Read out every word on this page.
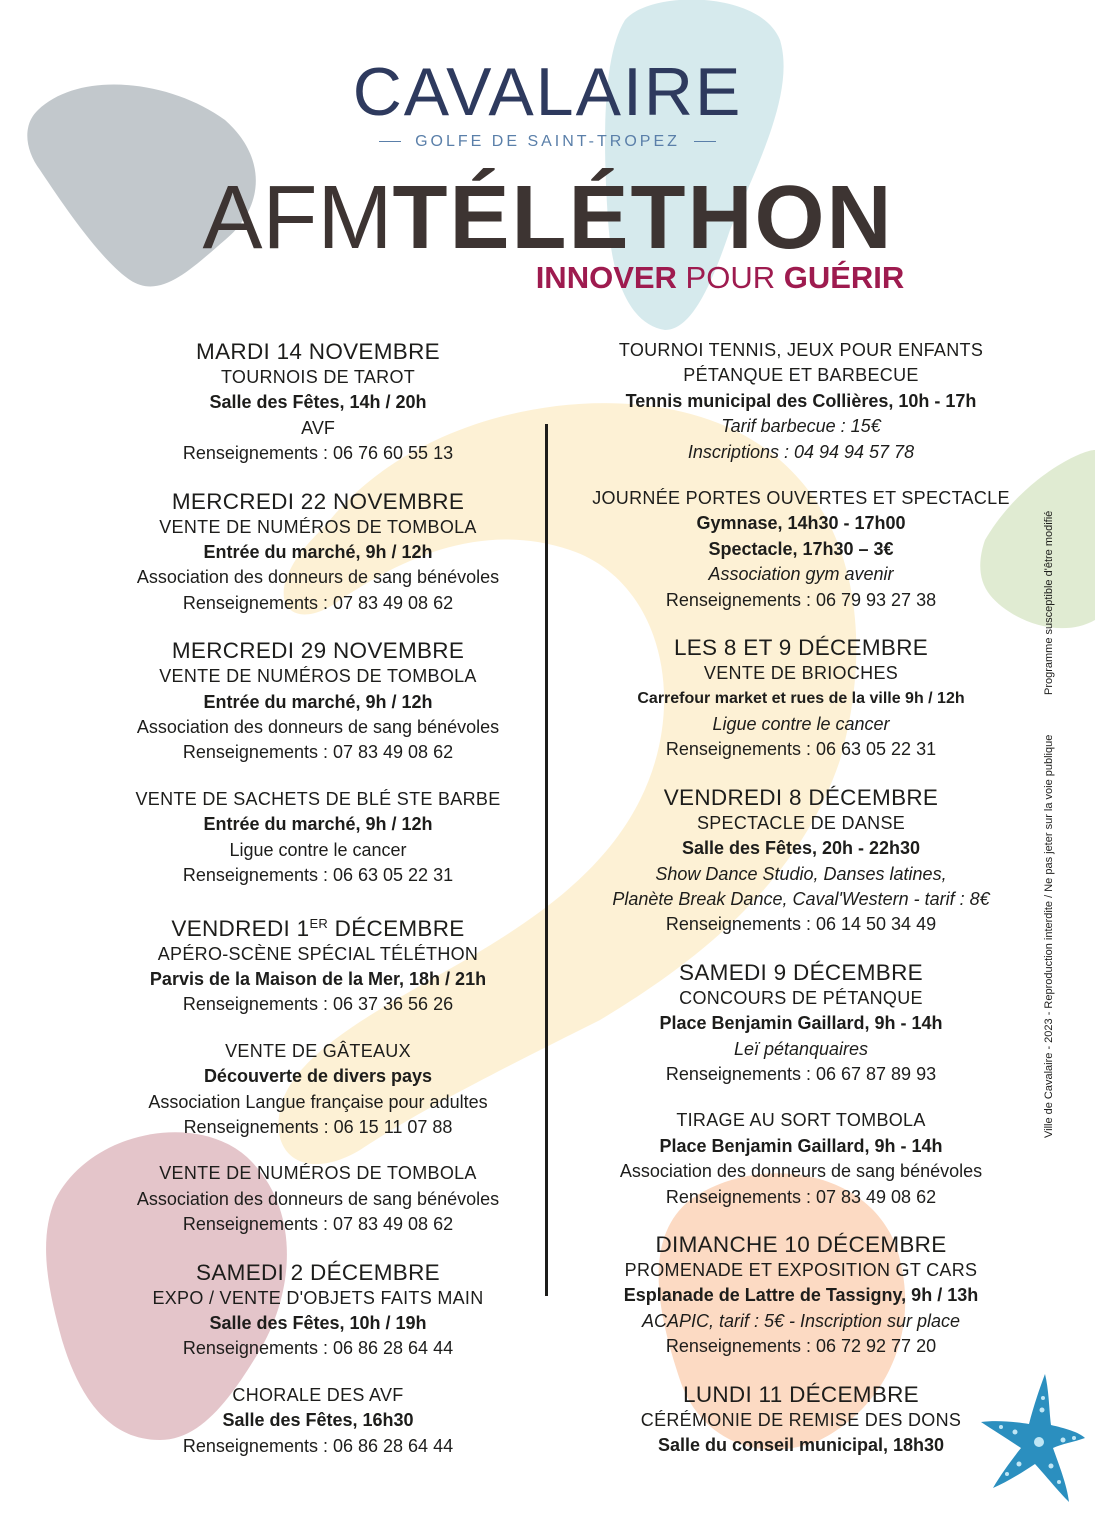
CAVALAIRE
GOLFE DE SAINT-TROPEZ
AFMTÉLÉTHON
INNOVER POUR GUÉRIR
MARDI 14 NOVEMBRE
TOURNOIS DE TAROT
Salle des Fêtes, 14h / 20h
AVF
Renseignements : 06 76 60 55 13
MERCREDI 22 NOVEMBRE
VENTE DE NUMÉROS DE TOMBOLA
Entrée du marché, 9h / 12h
Association des donneurs de sang bénévoles
Renseignements : 07 83 49 08 62
MERCREDI 29 NOVEMBRE
VENTE DE NUMÉROS DE TOMBOLA
Entrée du marché, 9h / 12h
Association des donneurs de sang bénévoles
Renseignements : 07 83 49 08 62
VENTE DE SACHETS DE BLÉ STE BARBE
Entrée du marché, 9h / 12h
Ligue contre le cancer
Renseignements : 06 63 05 22 31
VENDREDI 1ER DÉCEMBRE
APÉRO-SCÈNE SPÉCIAL TÉLÉTHON
Parvis de la Maison de la Mer, 18h / 21h
Renseignements : 06 37 36 56 26
VENTE DE GÂTEAUX
Découverte de divers pays
Association Langue française pour adultes
Renseignements : 06 15 11 07 88
VENTE DE NUMÉROS DE TOMBOLA
Association des donneurs de sang bénévoles
Renseignements : 07 83 49 08 62
SAMEDI 2 DÉCEMBRE
EXPO / VENTE D'OBJETS FAITS MAIN
Salle des Fêtes, 10h / 19h
Renseignements : 06 86 28 64 44
CHORALE DES AVF
Salle des Fêtes, 16h30
Renseignements : 06 86 28 64 44
TOURNOI TENNIS, JEUX POUR ENFANTS
PÉTANQUE ET BARBECUE
Tennis municipal des Collières, 10h - 17h
Tarif barbecue : 15€
Inscriptions : 04 94 94 57 78
JOURNÉE PORTES OUVERTES ET SPECTACLE
Gymnase, 14h30 - 17h00
Spectacle, 17h30 – 3€
Association gym avenir
Renseignements : 06 79 93 27 38
LES 8 ET 9 DÉCEMBRE
VENTE DE BRIOCHES
Carrefour market et rues de la ville 9h / 12h
Ligue contre le cancer
Renseignements : 06 63 05 22 31
VENDREDI 8 DÉCEMBRE
SPECTACLE DE DANSE
Salle des Fêtes, 20h - 22h30
Show Dance Studio, Danses latines,
Planète Break Dance, Caval'Western - tarif : 8€
Renseignements : 06 14 50 34 49
SAMEDI 9 DÉCEMBRE
CONCOURS DE PÉTANQUE
Place Benjamin Gaillard, 9h - 14h
Leï pétanquaires
Renseignements : 06 67 87 89 93
TIRAGE AU SORT TOMBOLA
Place Benjamin Gaillard, 9h - 14h
Association des donneurs de sang bénévoles
Renseignements : 07 83 49 08 62
DIMANCHE 10 DÉCEMBRE
PROMENADE ET EXPOSITION GT CARS
Esplanade de Lattre de Tassigny, 9h / 13h
ACAPIC, tarif : 5€ - Inscription sur place
Renseignements : 06 72 92 77 20
LUNDI 11 DÉCEMBRE
CÉRÉMONIE DE REMISE DES DONS
Salle du conseil municipal, 18h30
Programme susceptible d'être modifié
Ville de Cavalaire - 2023 - Reproduction interdite / Ne pas jeter sur la voie publique
